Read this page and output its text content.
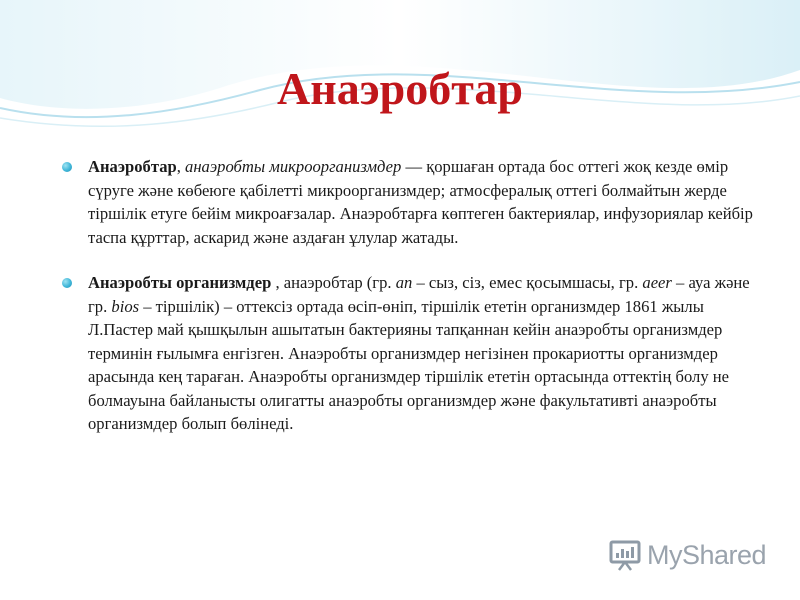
Анаэробтар
Анаэробтар, анаэробты микроорганизмдер — қоршаған ортада бос оттегі жоқ кезде өмір сүруге және көбеюге қабілетті микроорганизмдер; атмосфералық оттегі болмайтын жерде тіршілік етуге бейім микроағзалар. Анаэробтарға көптеген бактериялар, инфузориялар кейбір таспа құрттар, аскарид және аздаған ұлулар жатады.
Анаэробты организмдер , анаэробтар (гр. an – сыз, сіз, емес қосымшасы, гр. aeer – ауа және гр. bios – тіршілік) – оттексіз ортада өсіп-өніп, тіршілік ететін организмдер 1861 жылы Л.Пастер май қышқылын ашытатын бактерияны тапқаннан кейін анаэробты организмдер терминін ғылымға енгізген. Анаэробты организмдер негізінен прокариотты организмдер арасында кең тараған. Анаэробты организмдер тіршілік ететін ортасында оттектің болу не болмауына байланысты олигатты анаэробты организмдер және факультативті анаэробты организмдер болып бөлінеді.
MyShared
